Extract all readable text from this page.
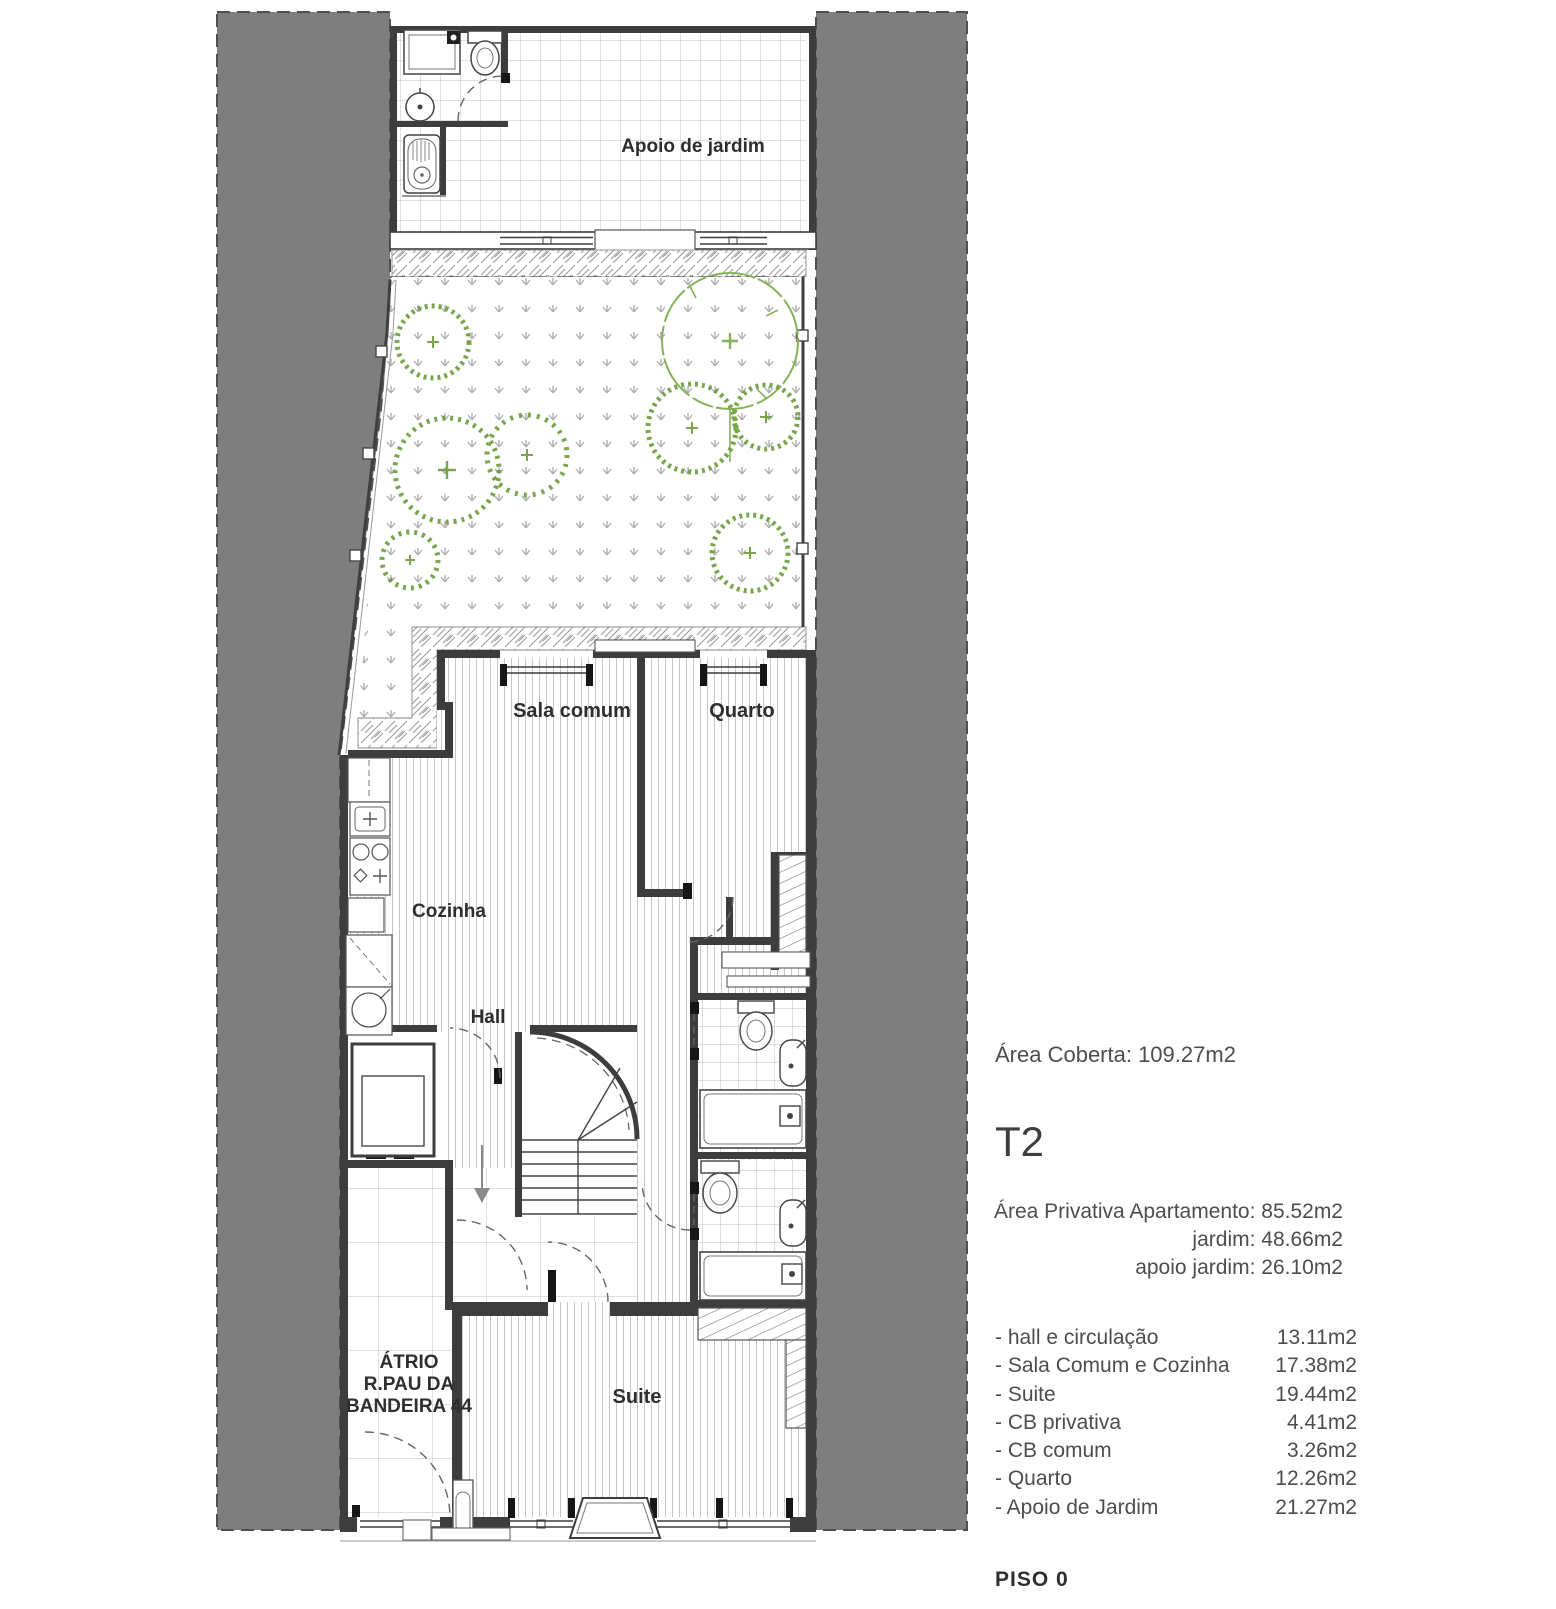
Apoio de jardim
Sala comum	Quarto
Cozinha
Hall
Suite
ÁTRIO
R.PAU DA
BANDEIRA 44
Área Coberta: 109.27m2
T2
Área Privativa Apartamento: 85.52m2
jardim: 48.66m2
apoio jardim: 26.10m2
- hall e circulação	13.11m2
- Sala Comum e Cozinha 17.38m2
- Suite	19.44m2
- CB privativa	4.41m2
- CB comum	3.26m2
- Quarto	12.26m2
- Apoio de Jardim	21.27m2
PISO 0
